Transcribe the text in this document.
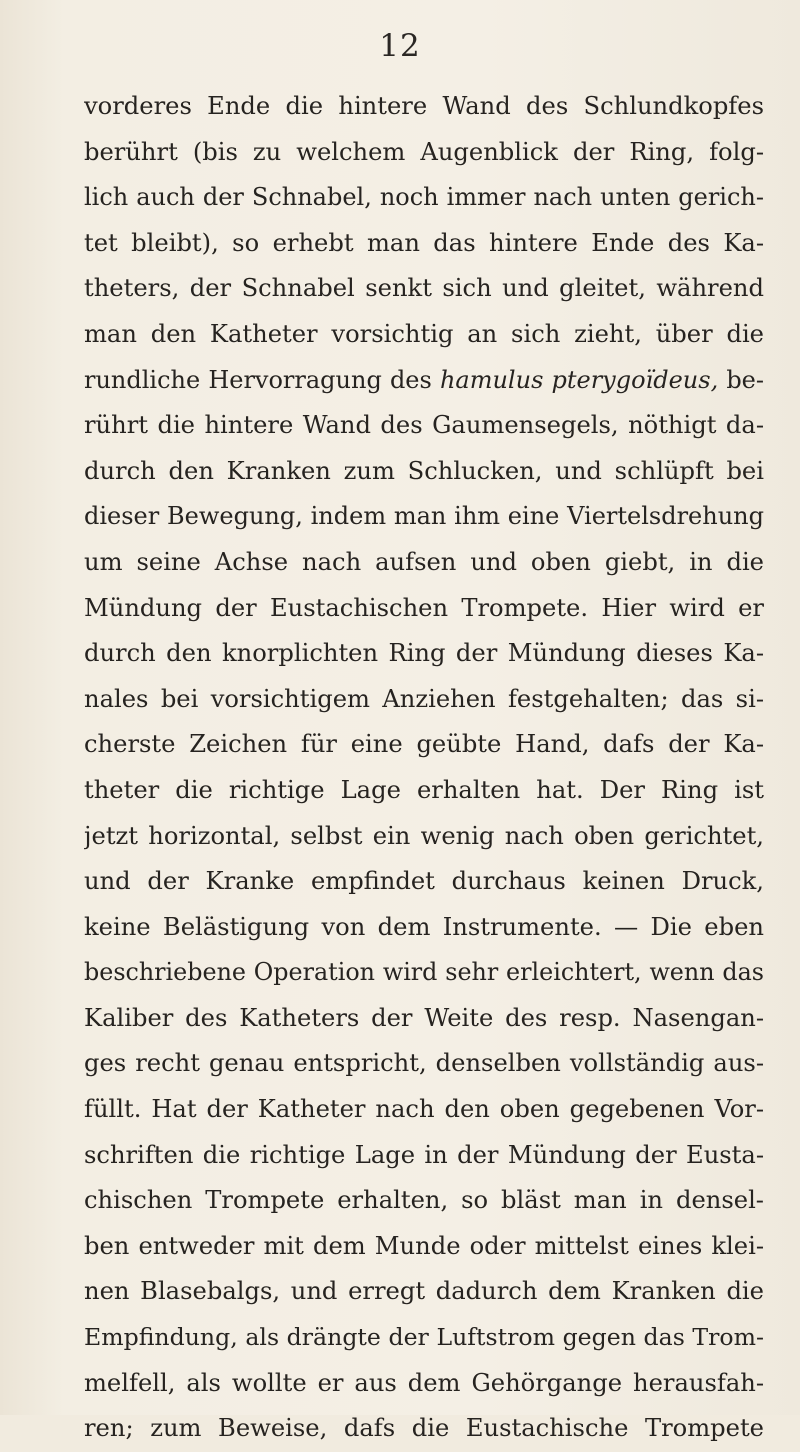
12
vorderes Ende die hintere Wand des Schlundkopfes
berührt (bis zu welchem Augenblick der Ring, folg-
lich auch der Schnabel, noch immer nach unten gerich-
tet bleibt), so erhebt man das hintere Ende des Ka-
theters, der Schnabel senkt sich und gleitet, während
man den Katheter vorsichtig an sich zieht, über die
rundliche Hervorragung des hamulus pterygoïdeus, be-
rührt die hintere Wand des Gaumensegels, nöthigt da-
durch den Kranken zum Schlucken, und schlüpft bei
dieser Bewegung, indem man ihm eine Viertelsdrehung
um seine Achse nach aufsen und oben giebt, in die
Mündung der Eustachischen Trompete. Hier wird er
durch den knorplichten Ring der Mündung dieses Ka-
nales bei vorsichtigem Anziehen festgehalten; das si-
cherste Zeichen für eine geübte Hand, dafs der Ka-
theter die richtige Lage erhalten hat. Der Ring ist
jetzt horizontal, selbst ein wenig nach oben gerichtet,
und der Kranke empfindet durchaus keinen Druck,
keine Belästigung von dem Instrumente. — Die eben
beschriebene Operation wird sehr erleichtert, wenn das
Kaliber des Katheters der Weite des resp. Nasengan-
ges recht genau entspricht, denselben vollständig aus-
füllt. Hat der Katheter nach den oben gegebenen Vor-
schriften die richtige Lage in der Mündung der Eusta-
chischen Trompete erhalten, so bläst man in densel-
ben entweder mit dem Munde oder mittelst eines klei-
nen Blasebalgs, und erregt dadurch dem Kranken die
Empfindung, als drängte der Luftstrom gegen das Trom-
melfell, als wollte er aus dem Gehörgange herausfah-
ren; zum Beweise, dafs die Eustachische Trompete
